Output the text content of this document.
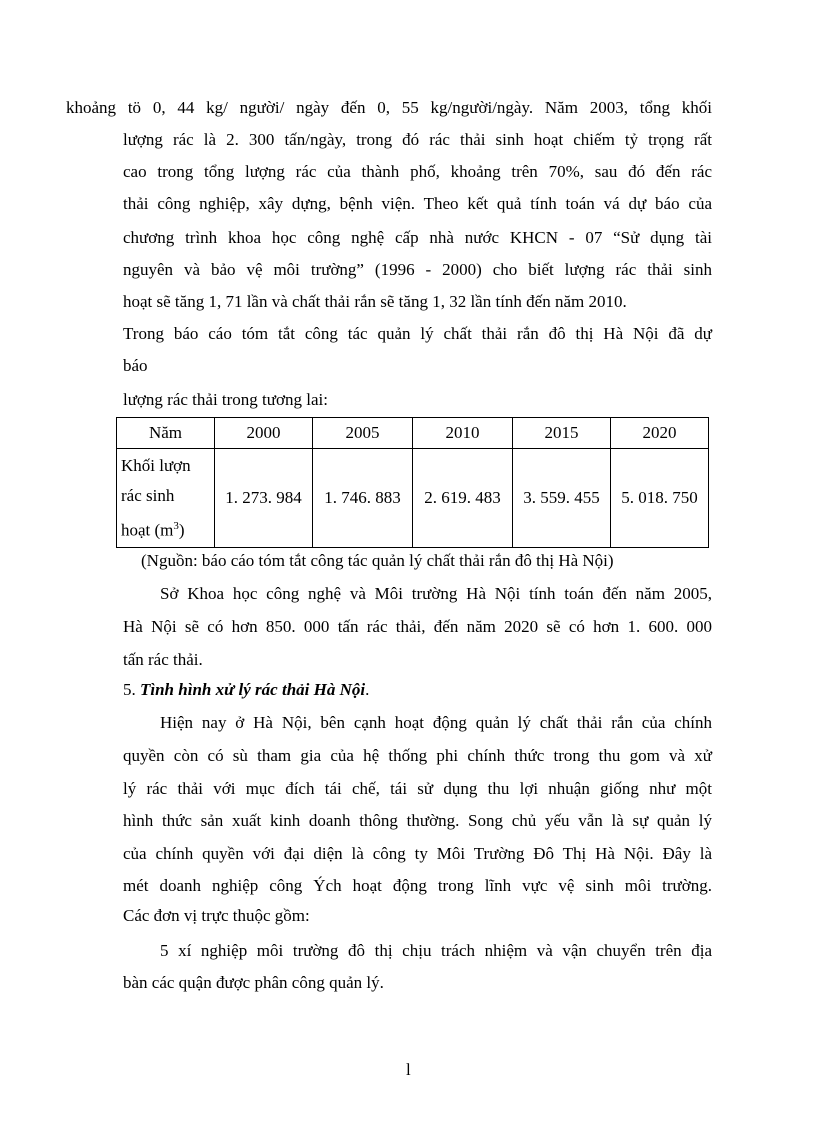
khoảng tö 0, 44 kg/ người/ ngày đến 0, 55 kg/người/ngày. Năm 2003, tổng khối
lượng rác là 2. 300 tấn/ngày, trong đó rác thải sinh hoạt chiếm tỷ trọng rất
cao trong tổng lượng rác của thành phố, khoảng trên 70%, sau đó đến rác
thải công nghiệp, xây dựng, bệnh viện. Theo kết quả tính toán vá dự báo của
chương trình khoa học công nghệ cấp nhà nước KHCN - 07 “Sử dụng tài
nguyên và bảo vệ môi trường” (1996 - 2000) cho biết lượng rác thải sinh
hoạt sẽ tăng 1, 71 lần và chất thải rắn sẽ tăng 1, 32 lần tính đến năm 2010.
Trong báo cáo tóm tắt công tác quản lý chất thải rắn đô thị Hà Nội đã dự
báo
lượng rác thải trong tương lai:
Năm	2000	2005	2010	2015	2020

Khối lượn
rác sinh
hoạt $(m^3)$	1. 273. 984	1. 746. 883	2. 619. 483	3. 559. 455	5. 018. 750
(Nguồn: báo cáo tóm tắt công tác quản lý chất thải rắn đô thị Hà Nội)
Sở Khoa học công nghệ và Môi trường Hà Nội tính toán đến năm 2005,
Hà Nội sẽ có hơn 850. 000 tấn rác thải, đến năm 2020 sẽ có hơn 1. 600. 000
tấn rác thải.
5. Tình hình xử lý rác thải Hà Nội.
Hiện nay ở Hà Nội, bên cạnh hoạt động quản lý chất thải rắn của chính
quyền còn có sù tham gia của hệ thống phi chính thức trong thu gom và xử
lý rác thải với mục đích tái chế, tái sử dụng thu lợi nhuận giống như một
hình thức sản xuất kinh doanh thông thường. Song chủ yếu vẫn là sự quản lý
của chính quyền với đại diện là công ty Môi Trường Đô Thị Hà Nội. Đây là
mét doanh nghiệp công Ých hoạt động trong lĩnh vực vệ sinh môi trường.
Các đơn vị trực thuộc gồm:
5 xí nghiệp môi trường đô thị chịu trách nhiệm và vận chuyển trên địa
bàn các quận được phân công quản lý.
l
